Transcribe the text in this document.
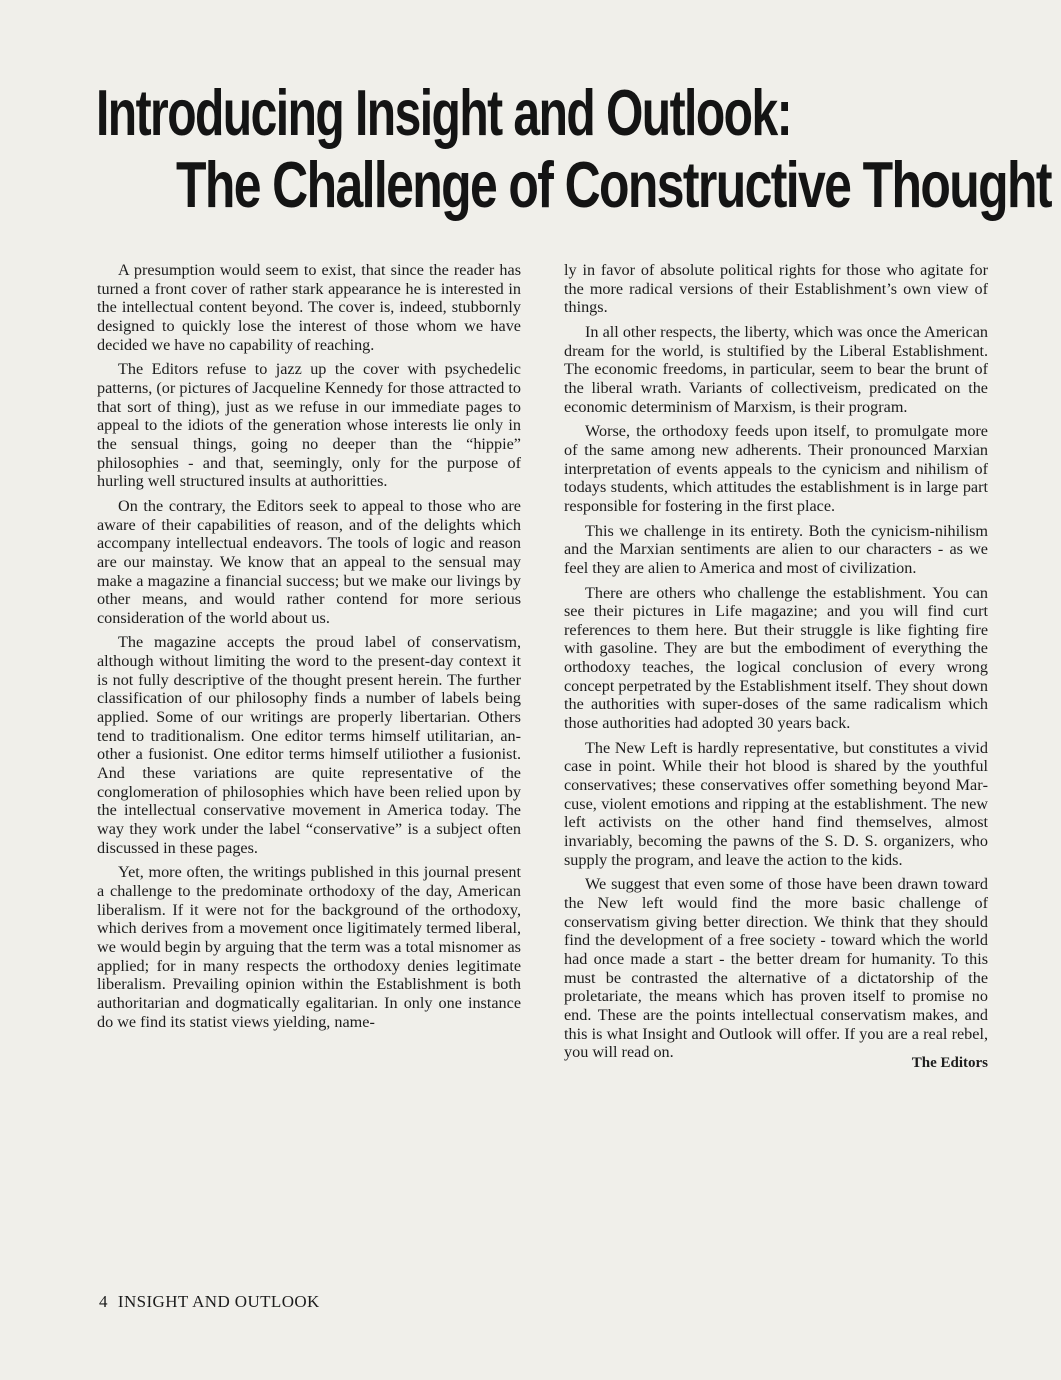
Introducing Insight and Outlook:
The Challenge of Constructive Thought

A presumption would seem to exist, that since the reader has turned a front cover of rather stark appearance he is interested in the intellectual content beyond. The cover is, indeed, stubbornly designed to quickly lose the interest of those whom we have decided we have no capability of reaching.

The Editors refuse to jazz up the cover with psychedelic patterns, (or pictures of Jacqueline Kennedy for those attracted to that sort of thing), just as we refuse in our immediate pages to appeal to the idiots of the generation whose interests lie only in the sensual things, going no deeper than the “hippie” philosophies - and that, seemingly, only for the purpose of hurling well structured insults at authoritties.

On the contrary, the Editors seek to appeal to those who are aware of their capabilities of reason, and of the delights which accompany intellectual endeavors. The tools of logic and reason are our mainstay. We know that an appeal to the sensual may make a magazine a financial success; but we make our livings by other means, and would rather contend for more serious consideration of the world about us.

The magazine accepts the proud label of conservatism, although without limiting the word to the present-day context it is not fully descriptive of the thought present herein. The further classification of our philosophy finds a number of labels being applied. Some of our writings are properly libertarian. Others tend to traditionalism. One editor terms himself utilitarian, another a fusionist. One editor terms himself utiliother a fusionist. And these variations are quite representative of the conglomeration of philosophies which have been relied upon by the intellectual conservative movement in America today. The way they work under the label “conservative” is a subject often discussed in these pages.

Yet, more often, the writings published in this journal present a challenge to the predominate orthodoxy of the day, American liberalism. If it were not for the background of the orthodoxy, which derives from a movement once ligitimately termed liberal, we would begin by arguing that the term was a total misnomer as applied; for in many respects the orthodoxy denies legitimate liberalism. Prevailing opinion within the Establishment is both authoritarian and dogmatically egalitarian. In only one instance do we find its statist views yielding, name-

ly in favor of absolute political rights for those who agitate for the more radical versions of their Establishment’s own view of things.

In all other respects, the liberty, which was once the American dream for the world, is stultified by the Liberal Establishment. The economic freedoms, in particular, seem to bear the brunt of the liberal wrath. Variants of collectiveism, predicated on the economic determinism of Marxism, is their program.

Worse, the orthodoxy feeds upon itself, to promulgate more of the same among new adherents. Their pronounced Marxian interpretation of events appeals to the cynicism and nihilism of todays students, which attitudes the establishment is in large part responsible for fostering in the first place.

This we challenge in its entirety. Both the cynicism-nihilism and the Marxian sentiments are alien to our characters - as we feel they are alien to America and most of civilization.

There are others who challenge the establishment. You can see their pictures in Life magazine; and you will find curt references to them here. But their struggle is like fighting fire with gasoline. They are but the embodiment of everything the orthodoxy teaches, the logical conclusion of every wrong concept perpetrated by the Establishment itself. They shout down the authorities with super-doses of the same radicalism which those authorities had adopted 30 years back.

The New Left is hardly representative, but constitutes a vivid case in point. While their hot blood is shared by the youthful conservatives; these conservatives offer something beyond Marcuse, violent emotions and ripping at the establishment. The new left activists on the other hand find themselves, almost invariably, becoming the pawns of the S. D. S. organizers, who supply the program, and leave the action to the kids.

We suggest that even some of those have been drawn toward the New left would find the more basic challenge of conservatism giving better direction. We think that they should find the development of a free society - toward which the world had once made a start - the better dream for humanity. To this must be contrasted the alternative of a dictatorship of the proletariate, the means which has proven itself to promise no end. These are the points intellectual conservatism makes, and this is what Insight and Outlook will offer. If you are a real rebel, you will read on.

The Editors
4 INSIGHT AND OUTLOOK
